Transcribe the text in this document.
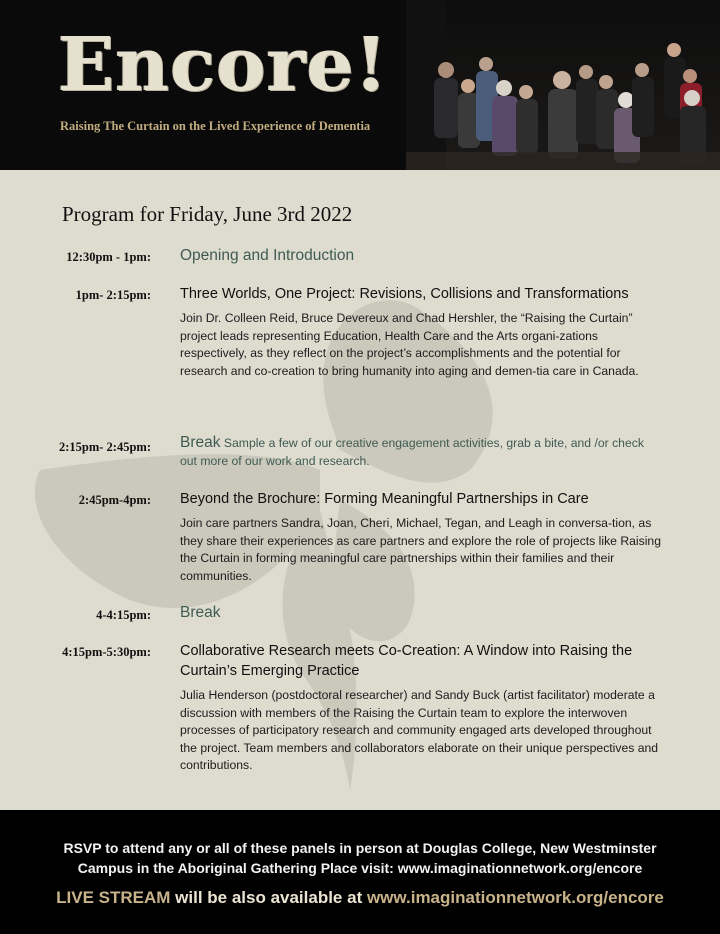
Encore!
Raising The Curtain on the Lived Experience of Dementia
Program for Friday, June 3rd 2022
12:30pm - 1pm: Opening and Introduction
1pm- 2:15pm: Three Worlds, One Project: Revisions, Collisions and Transformations
Join Dr. Colleen Reid, Bruce Devereux and Chad Hershler, the “Raising the Curtain” project leads representing Education, Health Care and the Arts organi-zations respectively, as they reflect on the project’s accomplishments and the potential for research and co-creation to bring humanity into aging and demen-tia care in Canada.
2:15pm- 2:45pm: Break Sample a few of our creative engagement activities, grab a bite, and /or check out more of our work and research.
2:45pm-4pm: Beyond the Brochure: Forming Meaningful Partnerships in Care
Join care partners Sandra, Joan, Cheri, Michael, Tegan, and Leagh in conversa-tion, as they share their experiences as care partners and explore the role of projects like Raising the Curtain in forming meaningful care partnerships within their families and their communities.
4-4:15pm: Break
4:15pm-5:30pm: Collaborative Research meets Co-Creation: A Window into Raising the Curtain’s Emerging Practice
Julia Henderson (postdoctoral researcher) and Sandy Buck (artist facilitator) moderate a discussion with members of the Raising the Curtain team to explore the interwoven processes of participatory research and community engaged arts developed throughout the project. Team members and collaborators elaborate on their unique perspectives and contributions.
RSVP to attend any or all of these panels in person at Douglas College, New Westminster
Campus in the Aboriginal Gathering Place visit: www.imaginationnetwork.org/encore
LIVE STREAM will be also available at www.imaginationnetwork.org/encore
